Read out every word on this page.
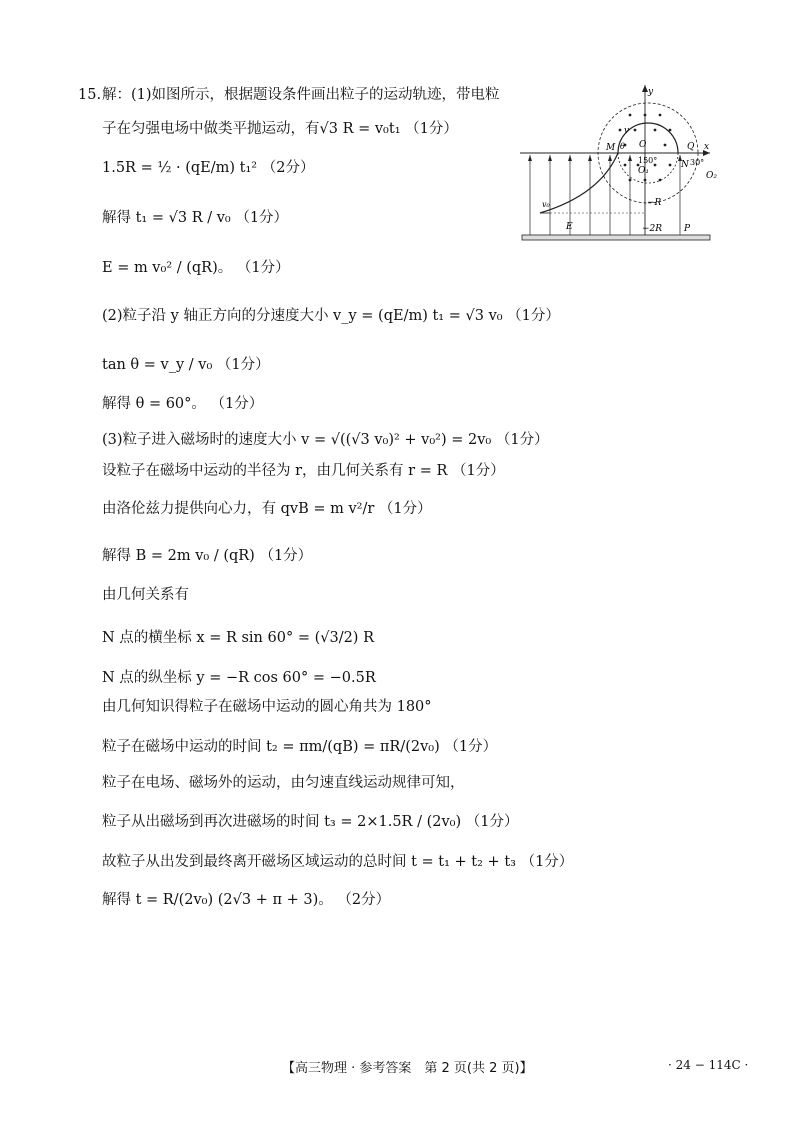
15. 解：(1)如图所示，根据题设条件画出粒子的运动轨迹，带电粒
子在匀强电场中做类平抛运动，有√3 R = v₀t₁ （1分）
1.5R = ½ · (qE/m) t₁² （2分）
解得 t₁ = √3 R / v₀ （1分）
E = m v₀² / (qR)。 （1分）
(2)粒子沿 y 轴正方向的分速度大小 v_y = (qE/m) t₁ = √3 v₀ （1分）
tan θ = v_y / v₀ （1分）
解得 θ = 60°。 （1分）
(3)粒子进入磁场时的速度大小 v = √((√3 v₀)² + v₀²) = 2v₀ （1分）
设粒子在磁场中运动的半径为 r，由几何关系有 r = R （1分）
由洛伦兹力提供向心力，有 qvB = m v²/r （1分）
解得 B = 2m v₀ / (qR) （1分）
由几何关系有
N 点的横坐标 x = R sin 60° = (√3/2) R
N 点的纵坐标 y = −R cos 60° = −0.5R
由几何知识得粒子在磁场中运动的圆心角共为 180°
粒子在磁场中运动的时间 t₂ = πm/(qB) = πR/(2v₀) （1分）
粒子在电场、磁场外的运动，由匀速直线运动规律可知，
粒子从出磁场到再次进磁场的时间 t₃ = 2×1.5R / (2v₀) （1分）
故粒子从出发到最终离开磁场区域运动的总时间 t = t₁ + t₂ + t₃ （1分）
解得 t = R/(2v₀) (2√3 + π + 3)。 （2分）
y
x
M θ O	Q
N
O₁	O₂
v
v₀
150°	30°
E
−R
−2R P
【高三物理 · 参考答案　第 2 页(共 2 页)】	· 24 − 114C ·
